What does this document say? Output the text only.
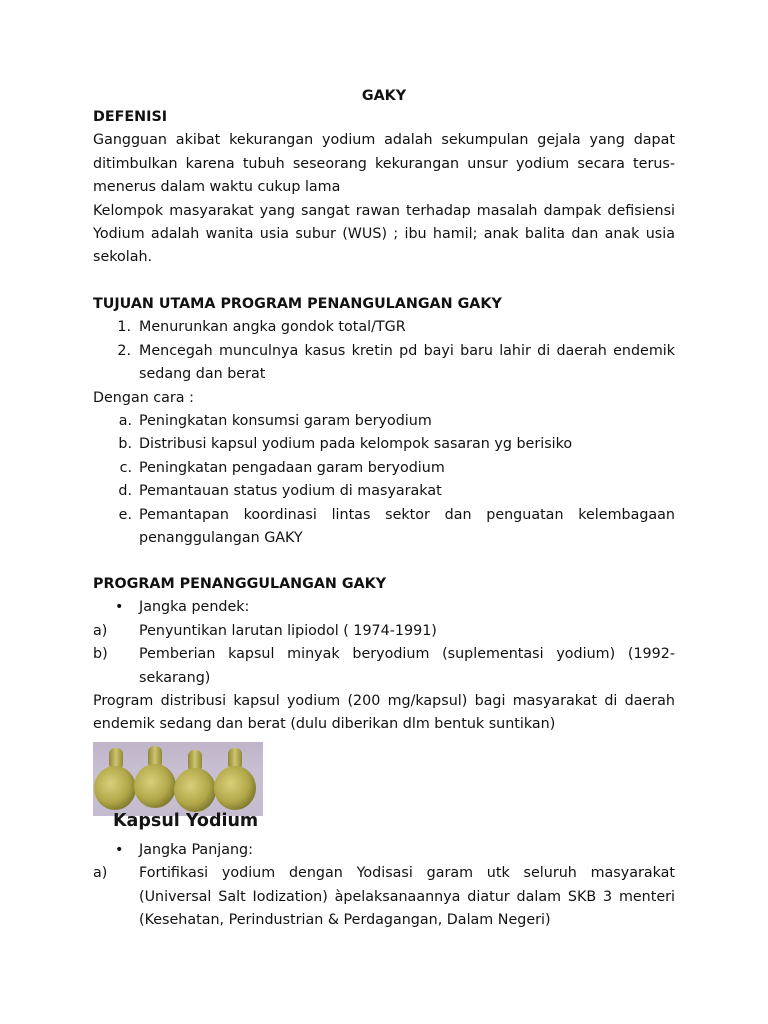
GAKY

DEFENISI

Gangguan akibat kekurangan yodium adalah sekumpulan gejala yang dapat ditimbulkan karena tubuh seseorang kekurangan unsur yodium secara terus-menerus dalam waktu cukup lama

Kelompok masyarakat yang sangat rawan terhadap masalah dampak defisiensi Yodium adalah wanita usia subur (WUS) ; ibu hamil; anak balita dan anak usia sekolah.

TUJUAN UTAMA PROGRAM PENANGULANGAN GAKY

1. Menurunkan angka gondok total/TGR
2. Mencegah munculnya kasus kretin pd bayi baru lahir di daerah endemik sedang dan berat

Dengan cara :

a. Peningkatan konsumsi garam beryodium
b. Distribusi kapsul yodium pada kelompok sasaran yg berisiko
c. Peningkatan pengadaan garam beryodium
d. Pemantauan status yodium di masyarakat
e. Pemantapan koordinasi lintas sektor dan penguatan kelembagaan penanggulangan GAKY

PROGRAM PENANGGULANGAN GAKY

•	Jangka pendek:
a)	Penyuntikan larutan lipiodol ( 1974-1991)
b)	Pemberian kapsul minyak beryodium (suplementasi yodium) (1992-sekarang)

Program distribusi kapsul yodium (200 mg/kapsul) bagi masyarakat di daerah endemik sedang dan berat (dulu diberikan dlm bentuk suntikan)

Kapsul Yodium
•	Jangka Panjang:
a)	Fortifikasi yodium dengan Yodisasi garam utk seluruh masyarakat (Universal Salt Iodization) àpelaksanaannya diatur dalam SKB 3 menteri (Kesehatan, Perindustrian & Perdagangan, Dalam Negeri)
